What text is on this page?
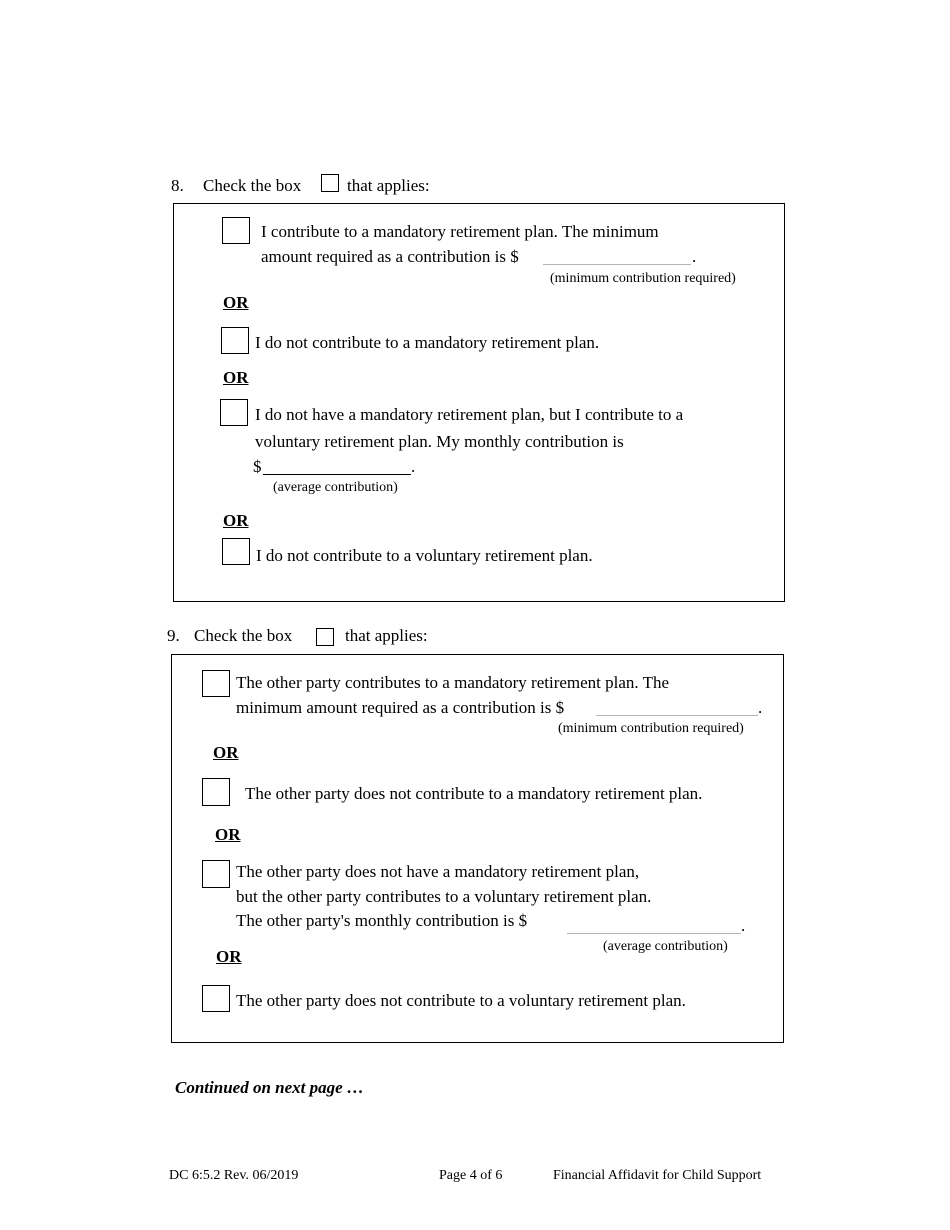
8. Check the box	that applies:
I contribute to a mandatory retirement plan. The minimum
amount required as a contribution is $	.
(minimum contribution required)
OR
I do not contribute to a mandatory retirement plan.
OR
I do not have a mandatory retirement plan, but I contribute to a
voluntary retirement plan. My monthly contribution is
$	.
(average contribution)
OR
I do not contribute to a voluntary retirement plan.
9. Check the box	that applies:
The other party contributes to a mandatory retirement plan. The
minimum amount required as a contribution is $	.
(minimum contribution required)
OR
The other party does not contribute to a mandatory retirement plan.
OR
The other party does not have a mandatory retirement plan,
but the other party contributes to a voluntary retirement plan.
The other party's monthly contribution is $	.
(average contribution)
OR
The other party does not contribute to a voluntary retirement plan.
Continued on next page …
DC 6:5.2 Rev. 06/2019	Page 4 of 6	Financial Affidavit for Child Support
